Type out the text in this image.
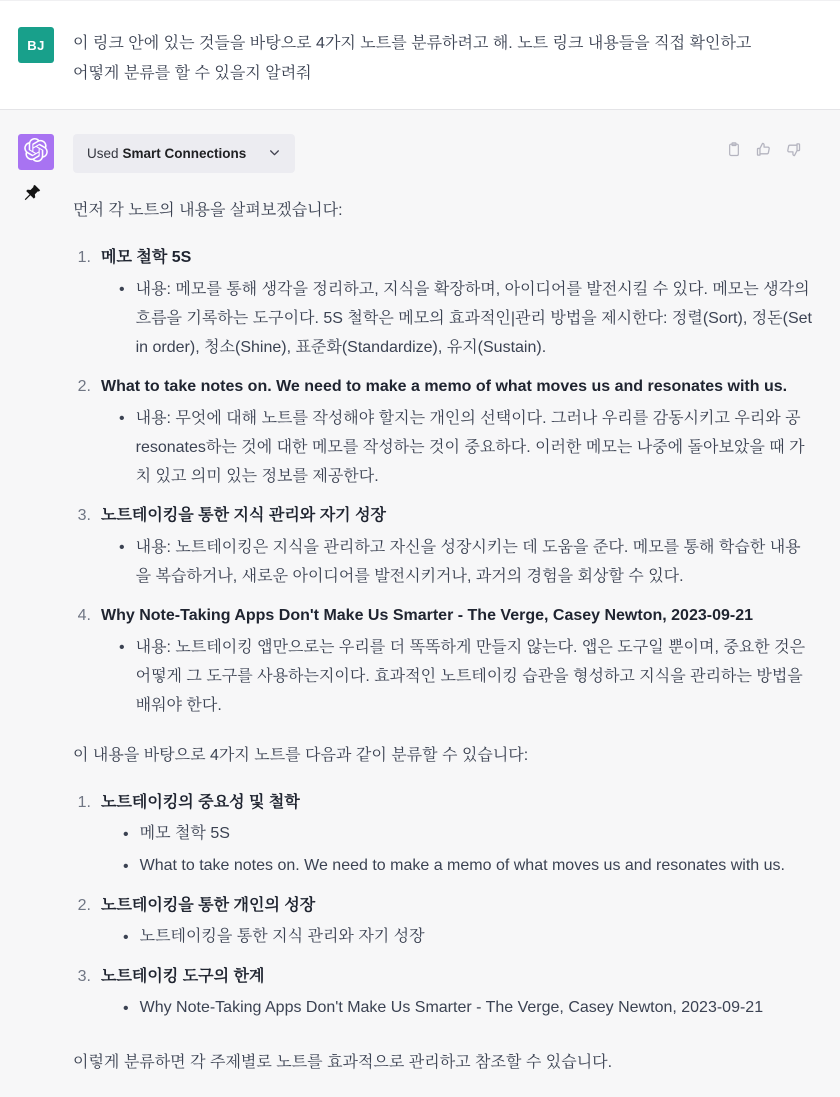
BJ 이 링크 안에 있는 것들을 바탕으로 4가지 노트를 분류하려고 해. 노트 링크 내용들을 직접 확인하고 어떻게 분류를 할 수 있을지 알려줘
Used Smart Connections
먼저 각 노트의 내용을 살펴보겠습니다:
1. 메모 철학 5S
• 내용: 메모를 통해 생각을 정리하고, 지식을 확장하며, 아이디어를 발전시킬 수 있다. 메모는 생각의 흐름을 기록하는 도구이다. 5S 철학은 메모의 효과적인|관리 방법을 제시한다: 정렬(Sort), 정돈(Set in order), 청소(Shine), 표준화(Standardize), 유지(Sustain).
2. What to take notes on. We need to make a memo of what moves us and resonates with us.
• 내용: 무엇에 대해 노트를 작성해야 할지는 개인의 선택이다. 그러나 우리를 감동시키고 우리와 공 resonates하는 것에 대한 메모를 작성하는 것이 중요하다. 이러한 메모는 나중에 돌아보았을 때 가치 있고 의미 있는 정보를 제공한다.
3. 노트테이킹을 통한 지식 관리와 자기 성장
• 내용: 노트테이킹은 지식을 관리하고 자신을 성장시키는 데 도움을 준다. 메모를 통해 학습한 내용을 복습하거나, 새로운 아이디어를 발전시키거나, 과거의 경험을 회상할 수 있다.
4. Why Note-Taking Apps Don't Make Us Smarter - The Verge, Casey Newton, 2023-09-21
• 내용: 노트테이킹 앱만으로는 우리를 더 똑똑하게 만들지 않는다. 앱은 도구일 뿐이며, 중요한 것은 어떻게 그 도구를 사용하는지이다. 효과적인 노트테이킹 습관을 형성하고 지식을 관리하는 방법을 배워야 한다.
이 내용을 바탕으로 4가지 노트를 다음과 같이 분류할 수 있습니다:
1. 노트테이킹의 중요성 및 철학
• 메모 철학 5S
• What to take notes on. We need to make a memo of what moves us and resonates with us.
2. 노트테이킹을 통한 개인의 성장
• 노트테이킹을 통한 지식 관리와 자기 성장
3. 노트테이킹 도구의 한계
• Why Note-Taking Apps Don't Make Us Smarter - The Verge, Casey Newton, 2023-09-21
이렇게 분류하면 각 주제별로 노트를 효과적으로 관리하고 참조할 수 있습니다.
